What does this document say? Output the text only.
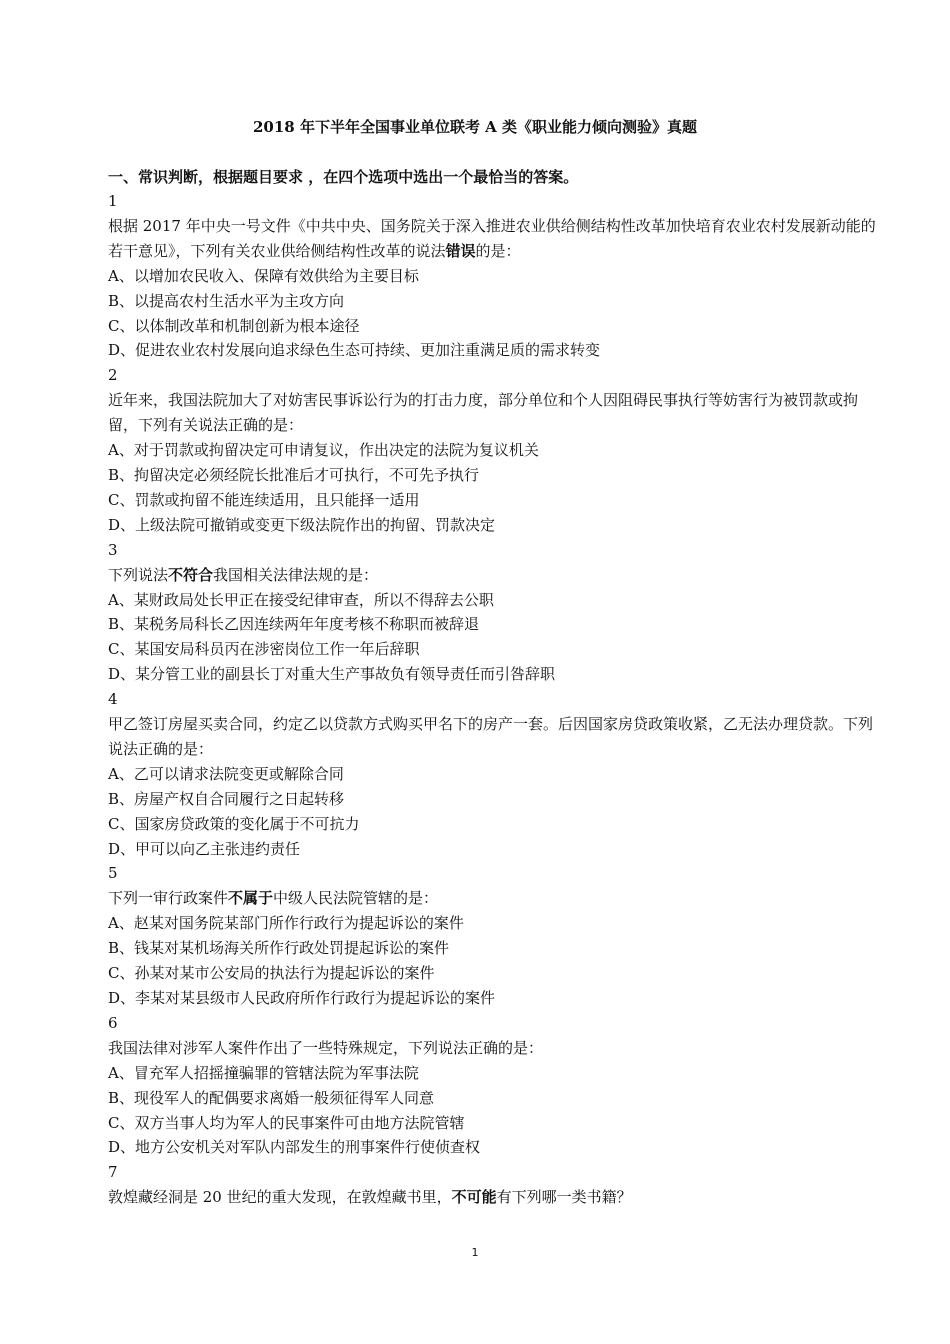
2018 年下半年全国事业单位联考 A 类《职业能力倾向测验》真题
一、常识判断，根据题目要求 ，在四个选项中选出一个最恰当的答案。
1
根据 2017 年中央一号文件《中共中央、国务院关于深入推进农业供给侧结构性改革加快培育农业农村发展新动能的若干意见》，下列有关农业供给侧结构性改革的说法错误的是：
A、以增加农民收入、保障有效供给为主要目标
B、以提高农村生活水平为主攻方向
C、以体制改革和机制创新为根本途径
D、促进农业农村发展向追求绿色生态可持续、更加注重满足质的需求转变
2
近年来，我国法院加大了对妨害民事诉讼行为的打击力度，部分单位和个人因阻碍民事执行等妨害行为被罚款或拘留，下列有关说法正确的是：
A、对于罚款或拘留决定可申请复议，作出决定的法院为复议机关
B、拘留决定必须经院长批准后才可执行，不可先予执行
C、罚款或拘留不能连续适用，且只能择一适用
D、上级法院可撤销或变更下级法院作出的拘留、罚款决定
3
下列说法不符合我国相关法律法规的是：
A、某财政局处长甲正在接受纪律审查，所以不得辞去公职
B、某税务局科长乙因连续两年年度考核不称职而被辞退
C、某国安局科员丙在涉密岗位工作一年后辞职
D、某分管工业的副县长丁对重大生产事故负有领导责任而引咎辞职
4
甲乙签订房屋买卖合同，约定乙以贷款方式购买甲名下的房产一套。后因国家房贷政策收紧，乙无法办理贷款。下列说法正确的是：
A、乙可以请求法院变更或解除合同
B、房屋产权自合同履行之日起转移
C、国家房贷政策的变化属于不可抗力
D、甲可以向乙主张违约责任
5
下列一审行政案件不属于中级人民法院管辖的是：
A、赵某对国务院某部门所作行政行为提起诉讼的案件
B、钱某对某机场海关所作行政处罚提起诉讼的案件
C、孙某对某市公安局的执法行为提起诉讼的案件
D、李某对某县级市人民政府所作行政行为提起诉讼的案件
6
我国法律对涉军人案件作出了一些特殊规定，下列说法正确的是：
A、冒充军人招摇撞骗罪的管辖法院为军事法院
B、现役军人的配偶要求离婚一般须征得军人同意
C、双方当事人均为军人的民事案件可由地方法院管辖
D、地方公安机关对军队内部发生的刑事案件行使侦查权
7
敦煌藏经洞是 20 世纪的重大发现，在敦煌藏书里，不可能有下列哪一类书籍？
1
